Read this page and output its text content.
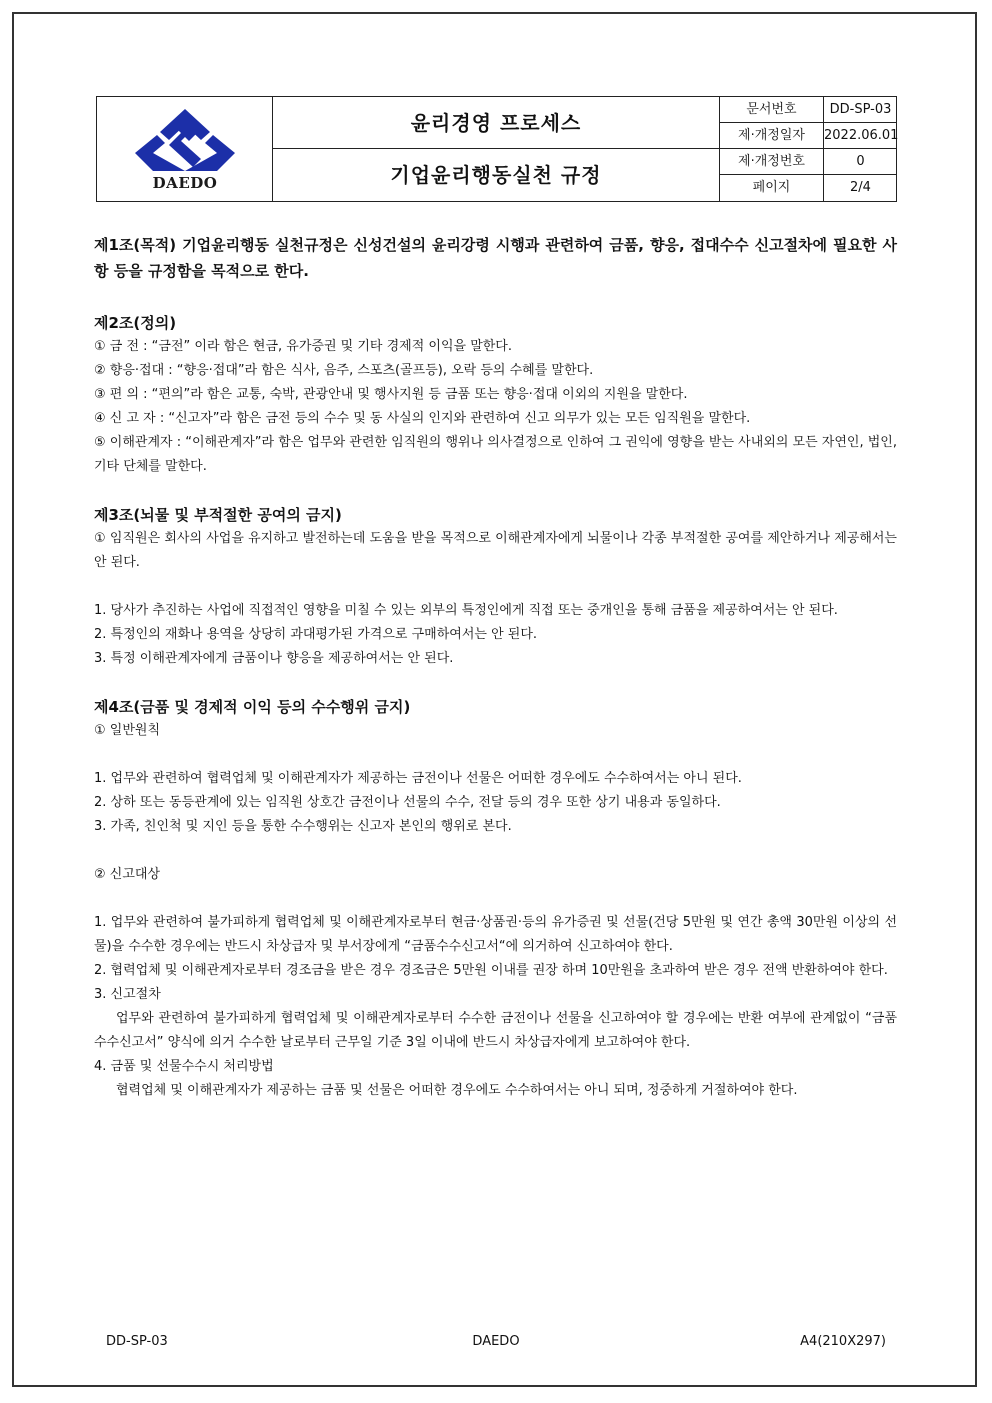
DAEDO
윤리경영 프로세스
기업윤리행동실천 규정
문서번호	DD-SP-03
제·개정일자	2022.06.01
제·개정번호	0
페이지	2/4

제1조(목적) 기업윤리행동 실천규정은 신성건설의 윤리강령 시행과 관련하여 금품, 향응, 접대수수 신고절차에 필요한 사항 등을 규정함을 목적으로 한다.

제2조(정의)

① 금 전 : “금전” 이라 함은 현금, 유가증권 및 기타 경제적 이익을 말한다.

② 향응·접대 : “향응·접대”라 함은 식사, 음주, 스포츠(골프등), 오락 등의 수혜를 말한다.

③ 편 의 : “편의”라 함은 교통, 숙박, 관광안내 및 행사지원 등 금품 또는 향응·접대 이외의 지원을 말한다.

④ 신 고 자 : “신고자”라 함은 금전 등의 수수 및 동 사실의 인지와 관련하여 신고 의무가 있는 모든 임직원을 말한다.

⑤ 이해관계자 : “이해관계자”라 함은 업무와 관련한 임직원의 행위나 의사결정으로 인하여 그 권익에 영향을 받는 사내외의 모든 자연인, 법인, 기타 단체를 말한다.

제3조(뇌물 및 부적절한 공여의 금지)

① 임직원은 회사의 사업을 유지하고 발전하는데 도움을 받을 목적으로 이해관계자에게 뇌물이나 각종 부적절한 공여를 제안하거나 제공해서는 안 된다.

1. 당사가 추진하는 사업에 직접적인 영향을 미칠 수 있는 외부의 특정인에게 직접 또는 중개인을 통해 금품을 제공하여서는 안 된다.

2. 특정인의 재화나 용역을 상당히 과대평가된 가격으로 구매하여서는 안 된다.

3. 특정 이해관계자에게 금품이나 향응을 제공하여서는 안 된다.

제4조(금품 및 경제적 이익 등의 수수행위 금지)

① 일반원칙

1. 업무와 관련하여 협력업체 및 이해관계자가 제공하는 금전이나 선물은 어떠한 경우에도 수수하여서는 아니 된다.

2. 상하 또는 동등관계에 있는 임직원 상호간 금전이나 선물의 수수, 전달 등의 경우 또한 상기 내용과 동일하다.

3. 가족, 친인척 및 지인 등을 통한 수수행위는 신고자 본인의 행위로 본다.

② 신고대상

1. 업무와 관련하여 불가피하게 협력업체 및 이해관계자로부터 현금·상품권·등의 유가증권 및 선물(건당 5만원 및 연간 총액 30만원 이상의 선물)을 수수한 경우에는 반드시 차상급자 및 부서장에게 “금품수수신고서“에 의거하여 신고하여야 한다.

2. 협력업체 및 이해관계자로부터 경조금을 받은 경우 경조금은 5만원 이내를 권장 하며 10만원을 초과하여 받은 경우 전액 반환하여야 한다.

3. 신고절차

업무와 관련하여 불가피하게 협력업체 및 이해관계자로부터 수수한 금전이나 선물을 신고하여야 할 경우에는 반환 여부에 관계없이 “금품수수신고서” 양식에 의거 수수한 날로부터 근무일 기준 3일 이내에 반드시 차상급자에게 보고하여야 한다.

4. 금품 및 선물수수시 처리방법

협력업체 및 이해관계자가 제공하는 금품 및 선물은 어떠한 경우에도 수수하여서는 아니 되며, 정중하게 거절하여야 한다.

DD-SP-03	DAEDO	A4(210X297)
